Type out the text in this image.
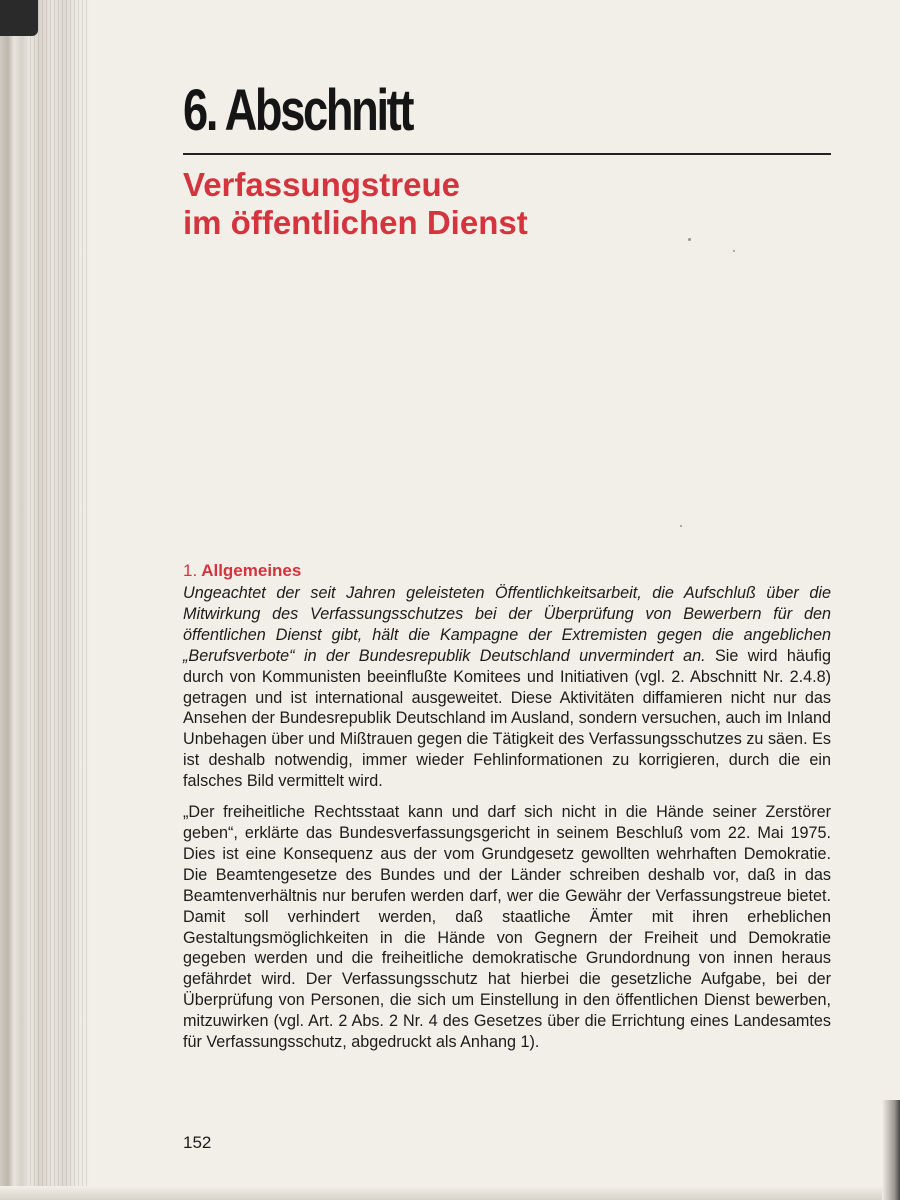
6. Abschnitt
Verfassungstreue
im öffentlichen Dienst
1. Allgemeines

Ungeachtet der seit Jahren geleisteten Öffentlichkeitsarbeit, die Aufschluß über die Mitwirkung des Verfassungsschutzes bei der Überprüfung von Bewerbern für den öffentlichen Dienst gibt, hält die Kampagne der Extremisten gegen die angeblichen „Berufsverbote“ in der Bundesrepublik Deutschland unvermindert an. Sie wird häufig durch von Kommunisten beeinflußte Komitees und Initiativen (vgl. 2. Abschnitt Nr. 2.4.8) getragen und ist international ausgeweitet. Diese Aktivitäten diffamieren nicht nur das Ansehen der Bundesrepublik Deutschland im Ausland, sondern versuchen, auch im Inland Unbehagen über und Mißtrauen gegen die Tätigkeit des Verfassungsschutzes zu säen. Es ist deshalb notwendig, immer wieder Fehlinformationen zu korrigieren, durch die ein falsches Bild vermittelt wird.

„Der freiheitliche Rechtsstaat kann und darf sich nicht in die Hände seiner Zerstörer geben“, erklärte das Bundesverfassungsgericht in seinem Beschluß vom 22. Mai 1975. Dies ist eine Konsequenz aus der vom Grundgesetz gewollten wehrhaften Demokratie. Die Beamtengesetze des Bundes und der Länder schreiben deshalb vor, daß in das Beamtenverhältnis nur berufen werden darf, wer die Gewähr der Verfassungstreue bietet. Damit soll verhindert werden, daß staatliche Ämter mit ihren erheblichen Gestaltungsmöglichkeiten in die Hände von Gegnern der Freiheit und Demokratie gegeben werden und die freiheitliche demokratische Grundordnung von innen heraus gefährdet wird. Der Verfassungsschutz hat hierbei die gesetzliche Aufgabe, bei der Überprüfung von Personen, die sich um Einstellung in den öffentlichen Dienst bewerben, mitzuwirken (vgl. Art. 2 Abs. 2 Nr. 4 des Gesetzes über die Errichtung eines Landesamtes für Verfassungsschutz, abgedruckt als Anhang 1).

152
